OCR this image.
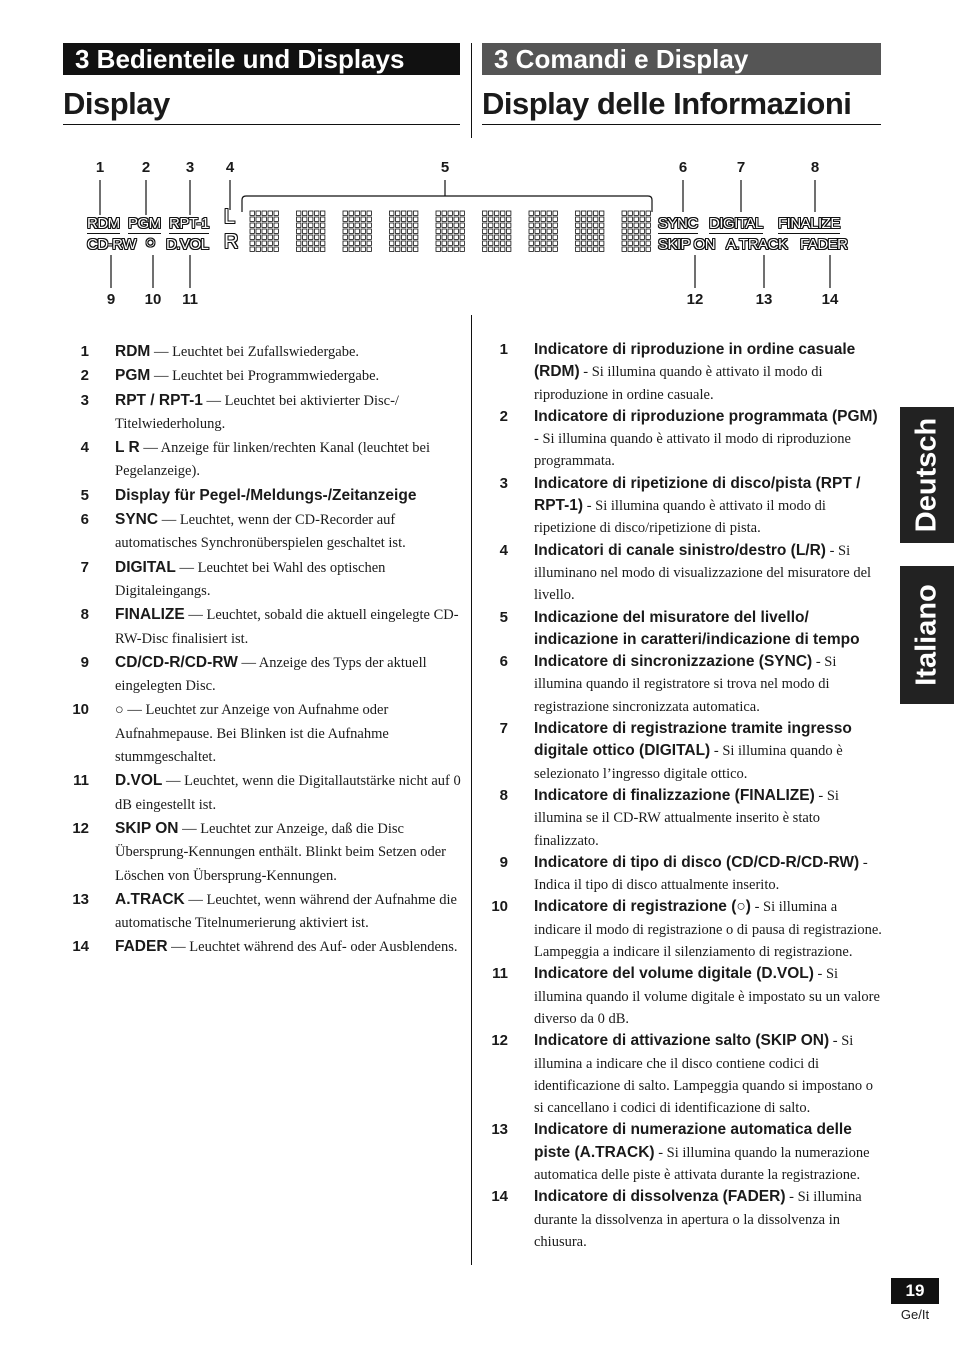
3 Bedienteile und Displays	3 Comandi e Display
Display	Display delle Informazioni
1	2	3	4	5	6	7	8
9	10	11	12	13	14
RDM PGM RPT-1 L
CD-RW ○ D.VOL R
SYNC DIGITAL FINALIZE
SKIP ON A.TRACK FADER
1 RDM — Leuchtet bei Zufallswiedergabe.
2 PGM — Leuchtet bei Programmwiedergabe.
3 RPT / RPT-1 — Leuchtet bei aktivierter Disc-/ Titelwiederholung.
4 L R — Anzeige für linken/rechten Kanal (leuchtet bei Pegelanzeige).
5 Display für Pegel-/Meldungs-/Zeitanzeige
6 SYNC — Leuchtet, wenn der CD-Recorder auf automatisches Synchronüberspielen geschaltet ist.
7 DIGITAL — Leuchtet bei Wahl des optischen Digitaleingangs.
8 FINALIZE — Leuchtet, sobald die aktuell eingelegte CD-RW-Disc finalisiert ist.
9 CD/CD-R/CD-RW — Anzeige des Typs der aktuell eingelegten Disc.
10 ○ — Leuchtet zur Anzeige von Aufnahme oder Aufnahmepause. Bei Blinken ist die Aufnahme stummgeschaltet.
11 D.VOL — Leuchtet, wenn die Digitallautstärke nicht auf 0 dB eingestellt ist.
12 SKIP ON — Leuchtet zur Anzeige, daß die Disc Übersprung-Kennungen enthält. Blinkt beim Setzen oder Löschen von Übersprung-Kennungen.
13 A.TRACK — Leuchtet, wenn während der Aufnahme die automatische Titelnumerierung aktiviert ist.
14 FADER — Leuchtet während des Auf- oder Ausblendens.
1 Indicatore di riproduzione in ordine casuale (RDM) - Si illumina quando è attivato il modo di riproduzione in ordine casuale.
2 Indicatore di riproduzione programmata (PGM) - Si illumina quando è attivato il modo di riproduzione programmata.
3 Indicatore di ripetizione di disco/pista (RPT / RPT-1) - Si illumina quando è attivato il modo di ripetizione di disco/ripetizione di pista.
4 Indicatori di canale sinistro/destro (L/R) - Si illuminano nel modo di visualizzazione del misuratore del livello.
5 Indicazione del misuratore del livello/ indicazione in caratteri/indicazione di tempo
6 Indicatore di sincronizzazione (SYNC) - Si illumina quando il registratore si trova nel modo di registrazione sincronizzata automatica.
7 Indicatore di registrazione tramite ingresso digitale ottico (DIGITAL) - Si illumina quando è selezionato l’ingresso digitale ottico.
8 Indicatore di finalizzazione (FINALIZE) - Si illumina se il CD-RW attualmente inserito è stato finalizzato.
9 Indicatore di tipo di disco (CD/CD-R/CD-RW) - Indica il tipo di disco attualmente inserito.
10 Indicatore di registrazione (○) - Si illumina a indicare il modo di registrazione o di pausa di registrazione. Lampeggia a indicare il silenziamento di registrazione.
11 Indicatore del volume digitale (D.VOL) - Si illumina quando il volume digitale è impostato su un valore diverso da 0 dB.
12 Indicatore di attivazione salto (SKIP ON) - Si illumina a indicare che il disco contiene codici di identificazione di salto. Lampeggia quando si impostano o si cancellano i codici di identificazione di salto.
13 Indicatore di numerazione automatica delle piste (A.TRACK) - Si illumina quando la numerazione automatica delle piste è attivata durante la registrazione.
14 Indicatore di dissolvenza (FADER) - Si illumina durante la dissolvenza in apertura o la dissolvenza in chiusura.
Deutsch
Italiano
19
Ge/It
